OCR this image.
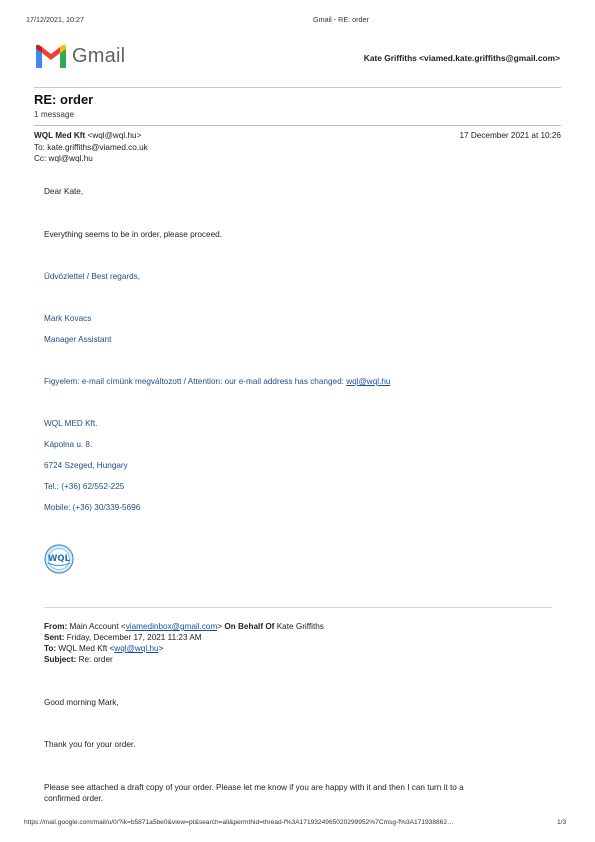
17/12/2021, 10:27	Gmail - RE: order
Gmail	Kate Griffiths <viamed.kate.griffiths@gmail.com>
RE: order
1 message
WQL Med Kft <wql@wql.hu>	17 December 2021 at 10:26
To: kate.griffiths@viamed.co.uk
Cc: wql@wql.hu
Dear Kate,
Everything seems to be in order, please proceed.
Üdvözlettel / Best regards,
Mark Kovacs
Manager Assistant
Figyelem: e-mail címünk megváltozott / Attention: our e-mail address has changed: wql@wql.hu
WQL MED Kft.
Kápolna u. 8.
6724 Szeged, Hungary
Tel.: (+36) 62/552-225
Mobile: (+36) 30/339-5696
WQL
From: Main Account <viamedinbox@gmail.com> On Behalf Of Kate Griffiths
Sent: Friday, December 17, 2021 11:23 AM
To: WQL Med Kft <wql@wql.hu>
Subject: Re: order
Good morning Mark,
Thank you for your order.
Please see attached a draft copy of your order. Please let me know if you are happy with it and then I can turn it to a
confirmed order.
https://mail.google.com/mail/u/0/?ik=b5871a5be0&view=pt&search=all&permthid=thread-f%3A1719324965020299952%7Cmsg-f%3A171938862…	1/3
